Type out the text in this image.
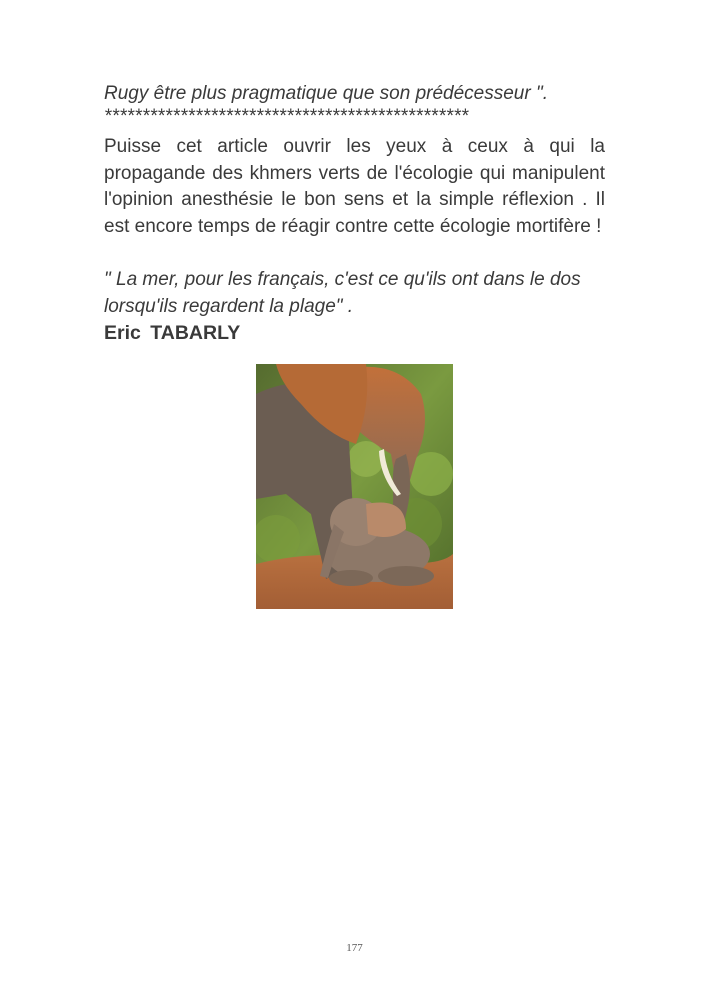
Rugy être plus pragmatique que son prédécesseur ".
************************************************
Puisse cet article ouvrir les yeux à ceux à qui la propagande des khmers verts de l'écologie qui manipulent l'opinion anesthésie le bon sens et la simple réflexion . Il est encore temps de réagir contre cette écologie mortifère !
" La mer, pour les français, c'est ce qu'ils ont dans le dos lorsqu'ils regardent la plage" .
Eric TABARLY
177
